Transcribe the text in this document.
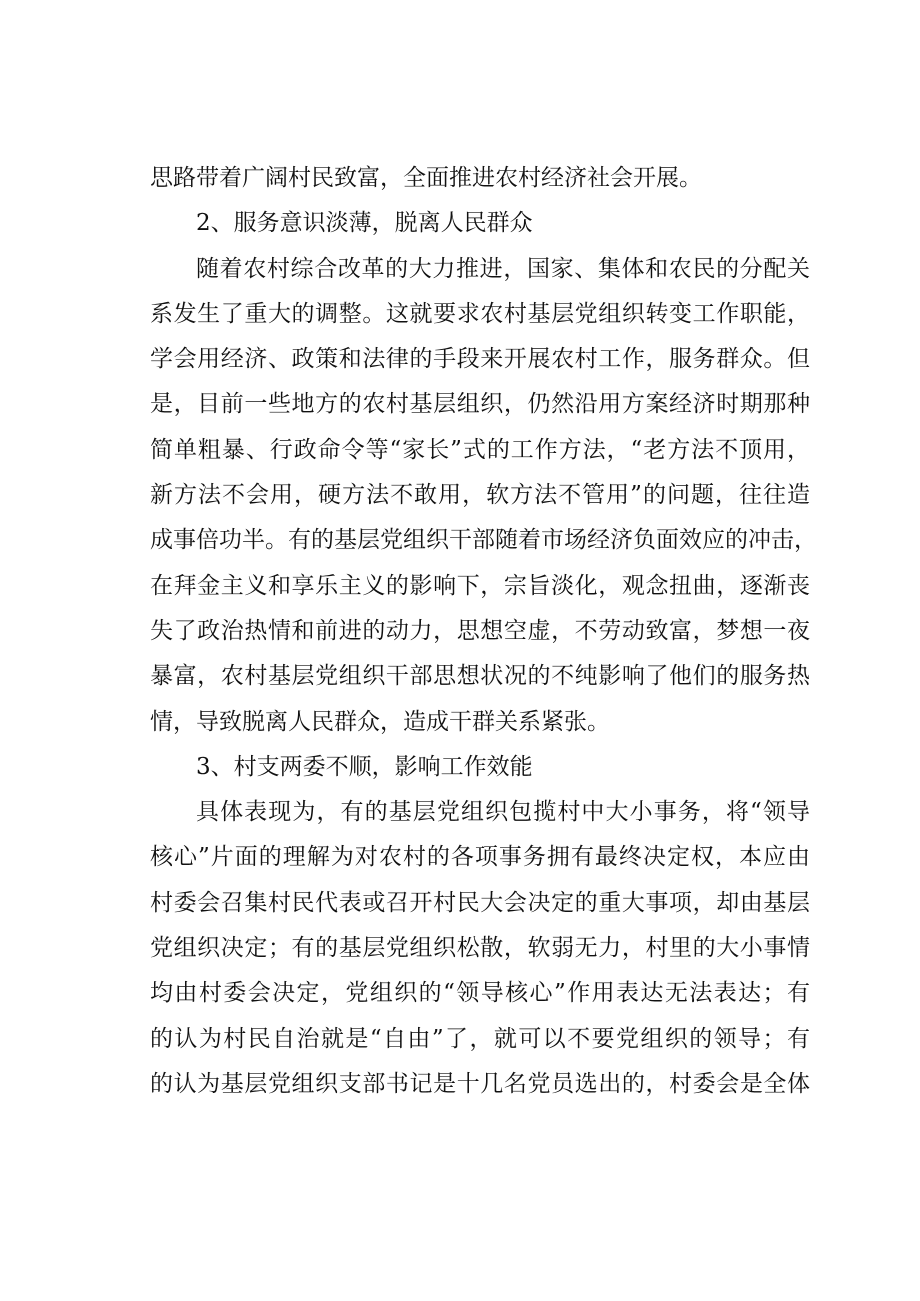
思路带着广阔村民致富，全面推进农村经济社会开展。
2、服务意识淡薄，脱离人民群众
随着农村综合改革的大力推进，国家、集体和农民的分配关
系发生了重大的调整。这就要求农村基层党组织转变工作职能，
学会用经济、政策和法律的手段来开展农村工作，服务群众。但
是，目前一些地方的农村基层组织，仍然沿用方案经济时期那种
简单粗暴、行政命令等“家长”式的工作方法，“老方法不顶用，
新方法不会用，硬方法不敢用，软方法不管用”的问题，往往造
成事倍功半。有的基层党组织干部随着市场经济负面效应的冲击，
在拜金主义和享乐主义的影响下，宗旨淡化，观念扭曲，逐渐丧
失了政治热情和前进的动力，思想空虚，不劳动致富，梦想一夜
暴富，农村基层党组织干部思想状况的不纯影响了他们的服务热
情，导致脱离人民群众，造成干群关系紧张。
3、村支两委不顺，影响工作效能
具体表现为，有的基层党组织包揽村中大小事务，将“领导
核心”片面的理解为对农村的各项事务拥有最终决定权，本应由
村委会召集村民代表或召开村民大会决定的重大事项，却由基层
党组织决定；有的基层党组织松散，软弱无力，村里的大小事情
均由村委会决定，党组织的“领导核心”作用表达无法表达；有
的认为村民自治就是“自由”了，就可以不要党组织的领导；有
的认为基层党组织支部书记是十几名党员选出的，村委会是全体
